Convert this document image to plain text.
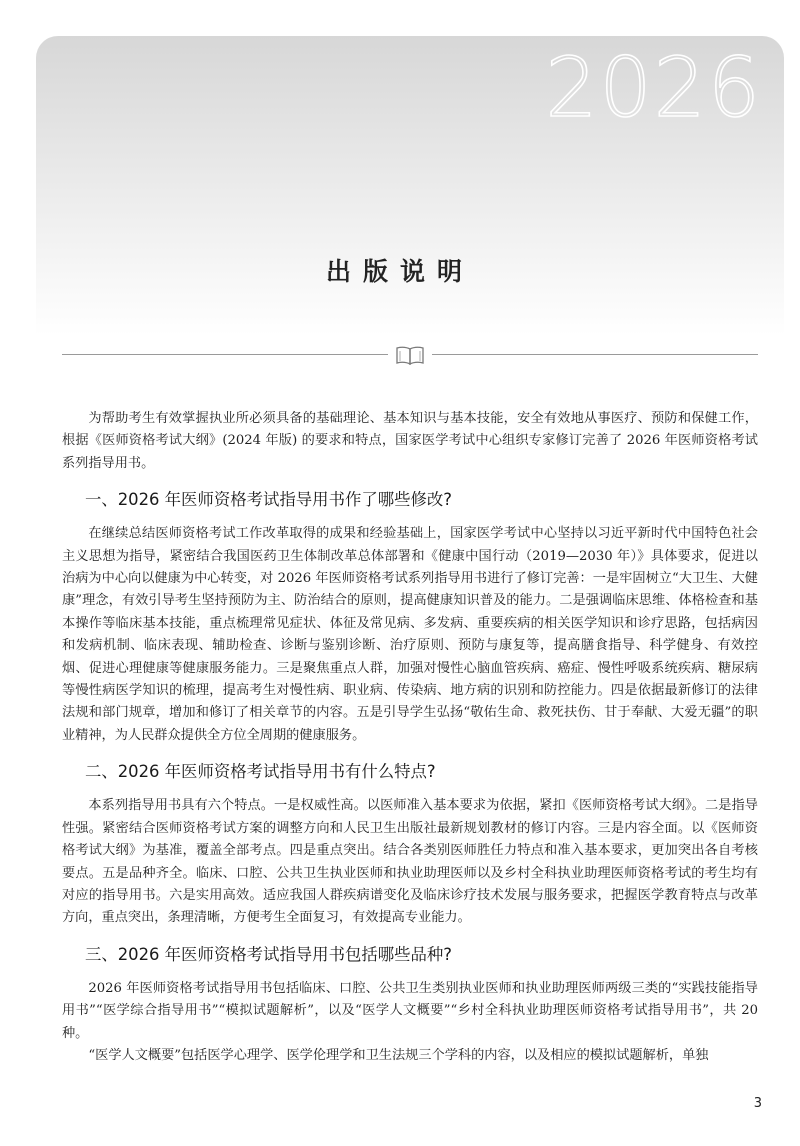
2026
出版说明

为帮助考生有效掌握执业所必须具备的基础理论、基本知识与基本技能，安全有效地从事医疗、预防和保健工作，根据《医师资格考试大纲》(2024 年版) 的要求和特点，国家医学考试中心组织专家修订完善了 2026 年医师资格考试系列指导用书。

一、2026 年医师资格考试指导用书作了哪些修改?

在继续总结医师资格考试工作改革取得的成果和经验基础上，国家医学考试中心坚持以习近平新时代中国特色社会主义思想为指导，紧密结合我国医药卫生体制改革总体部署和《健康中国行动（2019—2030 年）》具体要求，促进以治病为中心向以健康为中心转变，对 2026 年医师资格考试系列指导用书进行了修订完善：一是牢固树立“大卫生、大健康”理念，有效引导考生坚持预防为主、防治结合的原则，提高健康知识普及的能力。二是强调临床思维、体格检查和基本操作等临床基本技能，重点梳理常见症状、体征及常见病、多发病、重要疾病的相关医学知识和诊疗思路，包括病因和发病机制、临床表现、辅助检查、诊断与鉴别诊断、治疗原则、预防与康复等，提高膳食指导、科学健身、有效控烟、促进心理健康等健康服务能力。三是聚焦重点人群，加强对慢性心脑血管疾病、癌症、慢性呼吸系统疾病、糖尿病等慢性病医学知识的梳理，提高考生对慢性病、职业病、传染病、地方病的识别和防控能力。四是依据最新修订的法律法规和部门规章，增加和修订了相关章节的内容。五是引导学生弘扬“敬佑生命、救死扶伤、甘于奉献、大爱无疆”的职业精神，为人民群众提供全方位全周期的健康服务。

二、2026 年医师资格考试指导用书有什么特点?

本系列指导用书具有六个特点。一是权威性高。以医师准入基本要求为依据，紧扣《医师资格考试大纲》。二是指导性强。紧密结合医师资格考试方案的调整方向和人民卫生出版社最新规划教材的修订内容。三是内容全面。以《医师资格考试大纲》为基准，覆盖全部考点。四是重点突出。结合各类别医师胜任力特点和准入基本要求，更加突出各自考核要点。五是品种齐全。临床、口腔、公共卫生执业医师和执业助理医师以及乡村全科执业助理医师资格考试的考生均有对应的指导用书。六是实用高效。适应我国人群疾病谱变化及临床诊疗技术发展与服务要求，把握医学教育特点与改革方向，重点突出，条理清晰，方便考生全面复习，有效提高专业能力。

三、2026 年医师资格考试指导用书包括哪些品种?

2026 年医师资格考试指导用书包括临床、口腔、公共卫生类别执业医师和执业助理医师两级三类的“实践技能指导用书”“医学综合指导用书”“模拟试题解析”，以及“医学人文概要”“乡村全科执业助理医师资格考试指导用书”，共 20 种。

“医学人文概要”包括医学心理学、医学伦理学和卫生法规三个学科的内容，以及相应的模拟试题解析，单独

3
